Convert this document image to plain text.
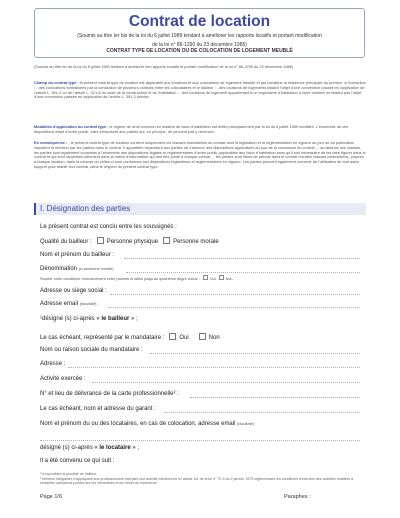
Contrat de location
(Soumis au titre Ier bis de la loi du 6 juillet 1989 tendant à améliorer les rapports locatifs et portant modification
de la loi n° 86-1290 du 23 décembre 1986)
CONTRAT TYPE DE LOCATION OU DE COLOCATION DE LOGEMENT MEUBLÉ
(Soumis au titre Ier de la loi du 6 juillet 1989 tendant à améliorer les rapports locatifs et portant modification de la loi n° 86-1290 du 23 décembre 1986)
Champ du contrat type : le présent contrat type de location est applicable aux locations et aux colocations de logement meublé et qui constitue la résidence principale du preneur, à l'exception : - des colocations formalisées par la conclusion de plusieurs contrats entre les colocataires et le bailleur ; - des locations de logements faisant l'objet d'une convention passée en application de l'article L. 351-2 ou de l'article L. 321-8 du code de la construction et de l'habitation ; - des locations de logement appartenant à un organisme d'habitation à loyer modéré ne faisant pas l'objet d'une convention passée en application de l'article L. 351-2 précité.
Modalités d'application du contrat type : le régime de droit commun en matière de baux d'habitation est défini principalement par la loi du 6 juillet 1989 modifiée. L'ensemble de ces dispositions étant d'ordre public, elles s'imposent aux parties qui, en principe, ne peuvent pas y renoncer.
En conséquence : - le présent contrat type de location contient uniquement les clauses essentielles du contrat dont la législation et la réglementation en vigueur au jour de sa publication imposent la mention par les parties dans le contrat. Il appartient cependant aux parties de s'assurer des dispositions applicables au jour de la conclusion du contrat ; - au-delà de ces clauses, les parties sont également soumises à l'ensemble des dispositions légales et réglementaires d'ordre public applicables aux baux d'habitation sans qu'il soit nécessaire de les faire figurer dans le contrat et qui sont rappelées utilement dans la notice d'information qui doit être jointe à chaque contrat ; - les parties sont libres de prévoir dans le contrat d'autres clauses particulières, propres à chaque location, dans la mesure où celles-ci sont conformes aux dispositions législatives et réglementaires en vigueur. Les parties peuvent également convenir de l'utilisation de tout autre support pour établir leur contrat, dans le respect du présent contrat type.
I. Désignation des parties
Le présent contrat est conclu entre les soussignés :
Qualité du bailleur :	Personne physique	Personne morale
Nom et prénom du bailleur :
Dénomination (si personne morale)
Société civile constituée exclusivement entre parents et alliés jusqu'au quatrième degré inclus :	Oui	Non
Adresse ou siège social :
Adresse email (facultatif) :
¹désigné (s) ci-après « le bailleur » ;
Le cas échéant, représenté par le mandataire :	Oui	Non
Nom ou raison sociale du mandataire :
Adresse :
Activité exercée :
N° et lieu de délivrance de la carte professionnelle² :
Le cas échéant, nom et adresse du garant :
Nom et prénom du ou des locataires, en cas de colocation, adresse email (facultatif) :
désigné (s) ci-après « le locataire » ;
Il a été convenu ce qui suit :
¹ A reproduire si pluralité de bailleur.
² Mention obligatoire s'appliquant aux professionnels exerçant une activité mentionnée à l'article 1er de la loi n° 70-9 du 2 janvier 1970 réglementant les conditions d'exercice des activités relatives à certaines opérations portant sur les immeubles et les fonds de commerce.
Page 1/6	Paraphes :
